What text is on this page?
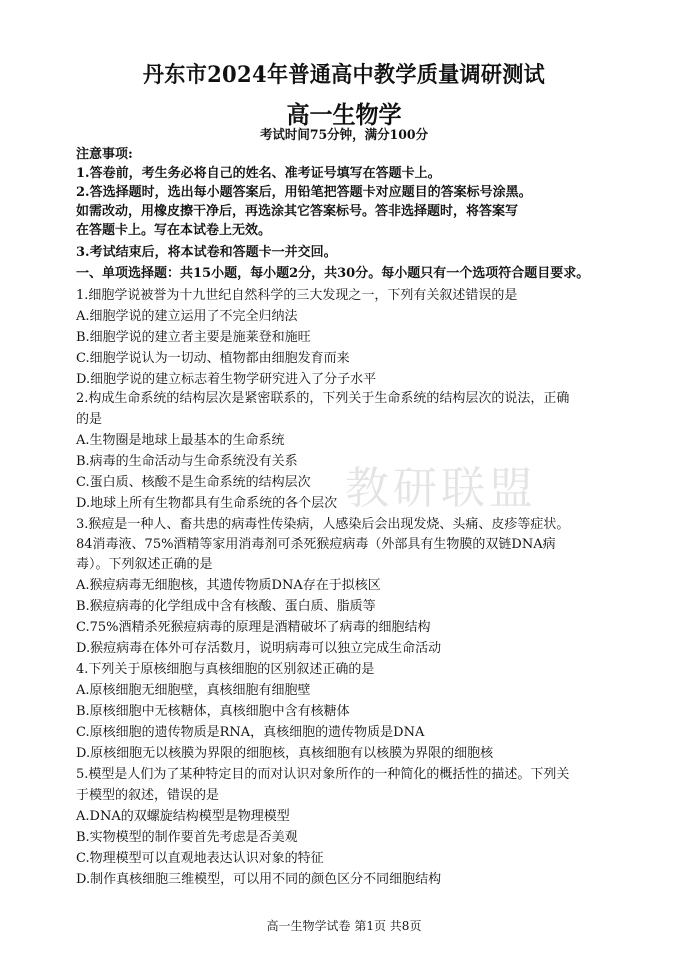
丹东市2024年普通高中教学质量调研测试
高一生物学
考试时间75分钟，满分100分
教研联盟
注意事项:
1.答卷前，考生务必将自己的姓名、准考证号填写在答题卡上。
2.答选择题时，选出每小题答案后，用铅笔把答题卡对应题目的答案标号涂黑。
如需改动，用橡皮擦干净后，再选涂其它答案标号。答非选择题时，将答案写
在答题卡上。写在本试卷上无效。
3.考试结束后，将本试卷和答题卡一并交回。
一、单项选择题：共15小题，每小题2分，共30分。每小题只有一个选项符合题目要求。
1.细胞学说被誉为十九世纪自然科学的三大发现之一，下列有关叙述错误的是
A.细胞学说的建立运用了不完全归纳法
B.细胞学说的建立者主要是施莱登和施旺
C.细胞学说认为一切动、植物都由细胞发育而来
D.细胞学说的建立标志着生物学研究进入了分子水平
2.构成生命系统的结构层次是紧密联系的，下列关于生命系统的结构层次的说法，正确
的是
A.生物圈是地球上最基本的生命系统
B.病毒的生命活动与生命系统没有关系
C.蛋白质、核酸不是生命系统的结构层次
D.地球上所有生物都具有生命系统的各个层次
3.猴痘是一种人、畜共患的病毒性传染病，人感染后会出现发烧、头痛、皮疹等症状。
84消毒液、75%酒精等家用消毒剂可杀死猴痘病毒（外部具有生物膜的双链DNA病
毒）。下列叙述正确的是
A.猴痘病毒无细胞核，其遗传物质DNA存在于拟核区
B.猴痘病毒的化学组成中含有核酸、蛋白质、脂质等
C.75%酒精杀死猴痘病毒的原理是酒精破坏了病毒的细胞结构
D.猴痘病毒在体外可存活数月，说明病毒可以独立完成生命活动
4.下列关于原核细胞与真核细胞的区别叙述正确的是
A.原核细胞无细胞壁，真核细胞有细胞壁
B.原核细胞中无核糖体，真核细胞中含有核糖体
C.原核细胞的遗传物质是RNA，真核细胞的遗传物质是DNA
D.原核细胞无以核膜为界限的细胞核，真核细胞有以核膜为界限的细胞核
5.模型是人们为了某种特定目的而对认识对象所作的一种简化的概括性的描述。下列关
于模型的叙述，错误的是
A.DNA的双螺旋结构模型是物理模型
B.实物模型的制作要首先考虑是否美观
C.物理模型可以直观地表达认识对象的特征
D.制作真核细胞三维模型，可以用不同的颜色区分不同细胞结构
高一生物学试卷 第1页 共8页
